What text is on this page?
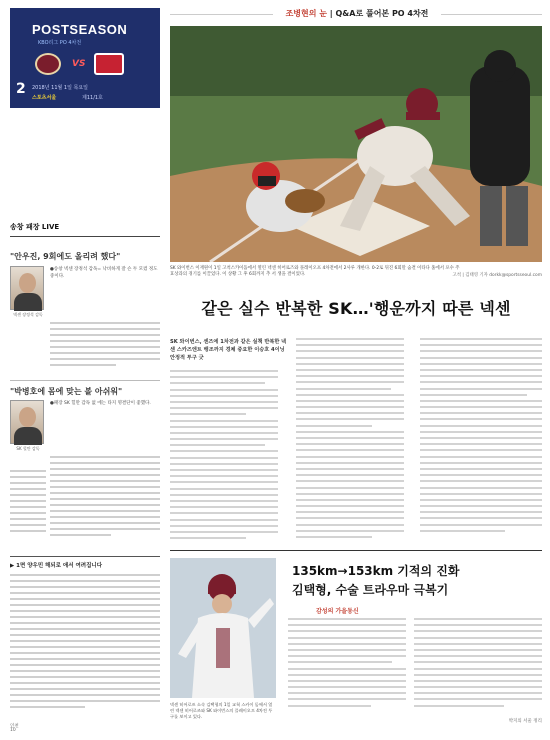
POSTSEASON
KBO리그 PO 4차전
VS
2 2018년 11월 1일 목요일
스포츠서울	제11/1호
송창 패장 LIVE
"안우진, 9회에도 올리려 했다"
넥센 장정석 감독
●송창 넥센 장정석 감독= 낙비하게 잘 슨 두 모켰 정도 중이다.
"박병호에 몸에 맞는 볼 아쉬워"
SK 힐만 감독
●패장 SK 힐만 감독 없 에는 타지 명결단이 좋했다.
▶ 1면 양우민 해되로 애서 여려집니다
인천
조병현의 눈 | Q&A로 풀어본 PO 4차전
SK 와이번스 이재원이 1일 고척스카이돔에서 열린 넥센 히어로즈와 플레이오프 4차전에서 2사루 개한다. 0-2로 뒤진 6회말 숨결 이타다 홈에서 포수 주효상과의 경기를 이끌었다. 이 상황 그 후 6회까지 추 서 생을 결이었다.	고척 | 김태영 기자 dorkk@sportsseoul.com
같은 실수 반복한 SK…'행운까지 따른 넥센
SK 와이번스, 센즈에 1차전과 같은 실책 반복한 넥센 스카즈엔트 뱅조까지 경체 중요한 이승호 4이닝 안정적 투구 굿
넥센 히어로즈 소속 김택형의 1일 교척 스카이 돔에서 열린 넥센 히어로즈와 SK 와이번스의 플레이오프 4차전 투구를 보이고 있다.
135km→153km 기적의 진화
김택형, 수술 트라우마 극복기
감성의 가을동신
박지의 서울 정리
10
